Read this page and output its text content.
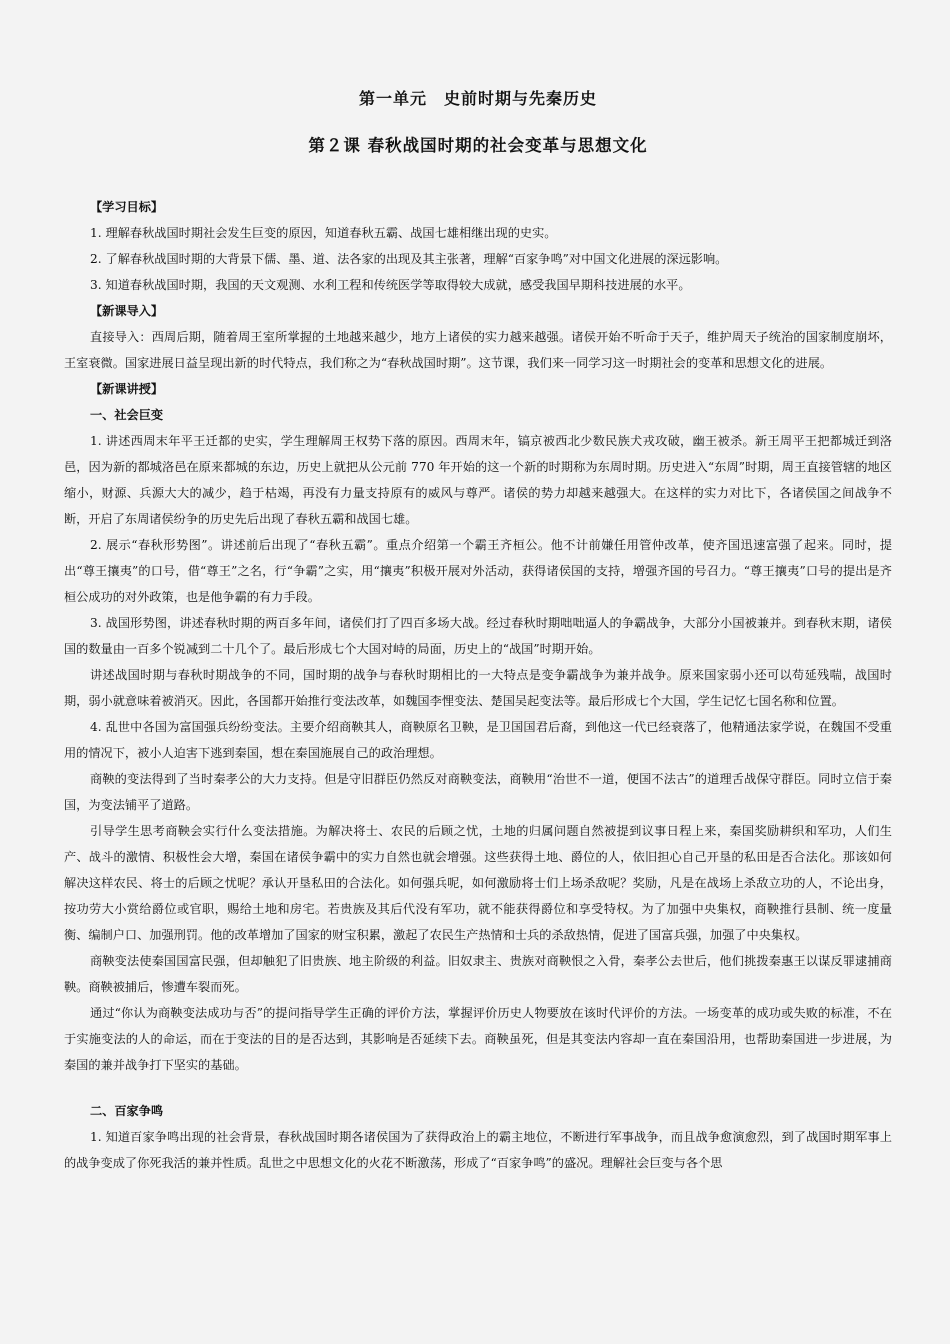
第一单元　史前时期与先秦历史
第２课 春秋战国时期的社会变革与思想文化

【学习目标】

1. 理解春秋战国时期社会发生巨变的原因，知道春秋五霸、战国七雄相继出现的史实。

2. 了解春秋战国时期的大背景下儒、墨、道、法各家的出现及其主张著，理解“百家争鸣”对中国文化进展的深远影响。

3. 知道春秋战国时期，我国的天文观测、水利工程和传统医学等取得较大成就，感受我国早期科技进展的水平。

【新课导入】

直接导入：西周后期，随着周王室所掌握的土地越来越少，地方上诸侯的实力越来越强。诸侯开始不听命于天子，维护周天子统治的国家制度崩坏，王室衰微。国家进展日益呈现出新的时代特点，我们称之为“春秋战国时期”。这节课，我们来一同学习这一时期社会的变革和思想文化的进展。

【新课讲授】

一、社会巨变

1. 讲述西周末年平王迁都的史实，学生理解周王权势下落的原因。西周末年，镐京被西北少数民族犬戎攻破，幽王被杀。新王周平王把都城迁到洛邑，因为新的都城洛邑在原来都城的东边，历史上就把从公元前 770 年开始的这一个新的时期称为东周时期。历史进入“东周”时期，周王直接管辖的地区缩小，财源、兵源大大的减少，趋于枯竭，再没有力量支持原有的威风与尊严。诸侯的势力却越来越强大。在这样的实力对比下，各诸侯国之间战争不断，开启了东周诸侯纷争的历史先后出现了春秋五霸和战国七雄。

2. 展示“春秋形势图”。讲述前后出现了“春秋五霸”。重点介绍第一个霸王齐桓公。他不计前嫌任用管仲改革，使齐国迅速富强了起来。同时，提出“尊王攘夷”的口号，借“尊王”之名，行“争霸”之实，用“攘夷”积极开展对外活动，获得诸侯国的支持，增强齐国的号召力。“尊王攘夷”口号的提出是齐桓公成功的对外政策，也是他争霸的有力手段。

3. 战国形势图，讲述春秋时期的两百多年间，诸侯们打了四百多场大战。经过春秋时期咄咄逼人的争霸战争，大部分小国被兼并。到春秋末期，诸侯国的数量由一百多个锐减到二十几个了。最后形成七个大国对峙的局面，历史上的“战国”时期开始。

讲述战国时期与春秋时期战争的不同，国时期的战争与春秋时期相比的一大特点是变争霸战争为兼并战争。原来国家弱小还可以苟延残喘，战国时期，弱小就意味着被消灭。因此，各国都开始推行变法改革，如魏国李悝变法、楚国吴起变法等。最后形成七个大国，学生记忆七国名称和位置。

4. 乱世中各国为富国强兵纷纷变法。主要介绍商鞅其人，商鞅原名卫鞅，是卫国国君后裔，到他这一代已经衰落了，他精通法家学说，在魏国不受重用的情况下，被小人迫害下逃到秦国，想在秦国施展自己的政治理想。

商鞅的变法得到了当时秦孝公的大力支持。但是守旧群臣仍然反对商鞅变法，商鞅用“治世不一道，便国不法古”的道理舌战保守群臣。同时立信于秦国，为变法铺平了道路。

引导学生思考商鞅会实行什么变法措施。为解决将士、农民的后顾之忧，土地的归属问题自然被提到议事日程上来，秦国奖励耕织和军功，人们生产、战斗的激情、积极性会大增，秦国在诸侯争霸中的实力自然也就会增强。这些获得土地、爵位的人，依旧担心自己开垦的私田是否合法化。那该如何解决这样农民、将士的后顾之忧呢？承认开垦私田的合法化。如何强兵呢，如何激励将士们上场杀敌呢？奖励，凡是在战场上杀敌立功的人，不论出身，按功劳大小赏给爵位或官职，赐给土地和房宅。若贵族及其后代没有军功，就不能获得爵位和享受特权。为了加强中央集权，商鞅推行县制、统一度量衡、编制户口、加强刑罚。他的改革增加了国家的财宝积累，激起了农民生产热情和士兵的杀敌热情，促进了国富兵强，加强了中央集权。

商鞅变法使秦国国富民强，但却触犯了旧贵族、地主阶级的利益。旧奴隶主、贵族对商鞅恨之入骨，秦孝公去世后，他们挑拨秦惠王以谋反罪逮捕商鞅。商鞅被捕后，惨遭车裂而死。

通过“你认为商鞅变法成功与否”的提问指导学生正确的评价方法，掌握评价历史人物要放在该时代评价的方法。一场变革的成功或失败的标准，不在于实施变法的人的命运，而在于变法的目的是否达到，其影响是否延续下去。商鞅虽死，但是其变法内容却一直在秦国沿用，也帮助秦国进一步进展，为秦国的兼并战争打下坚实的基础。

二、百家争鸣

1. 知道百家争鸣出现的社会背景，春秋战国时期各诸侯国为了获得政治上的霸主地位，不断进行军事战争，而且战争愈演愈烈，到了战国时期军事上的战争变成了你死我活的兼并性质。乱世之中思想文化的火花不断激荡，形成了“百家争鸣”的盛况。理解社会巨变与各个思
